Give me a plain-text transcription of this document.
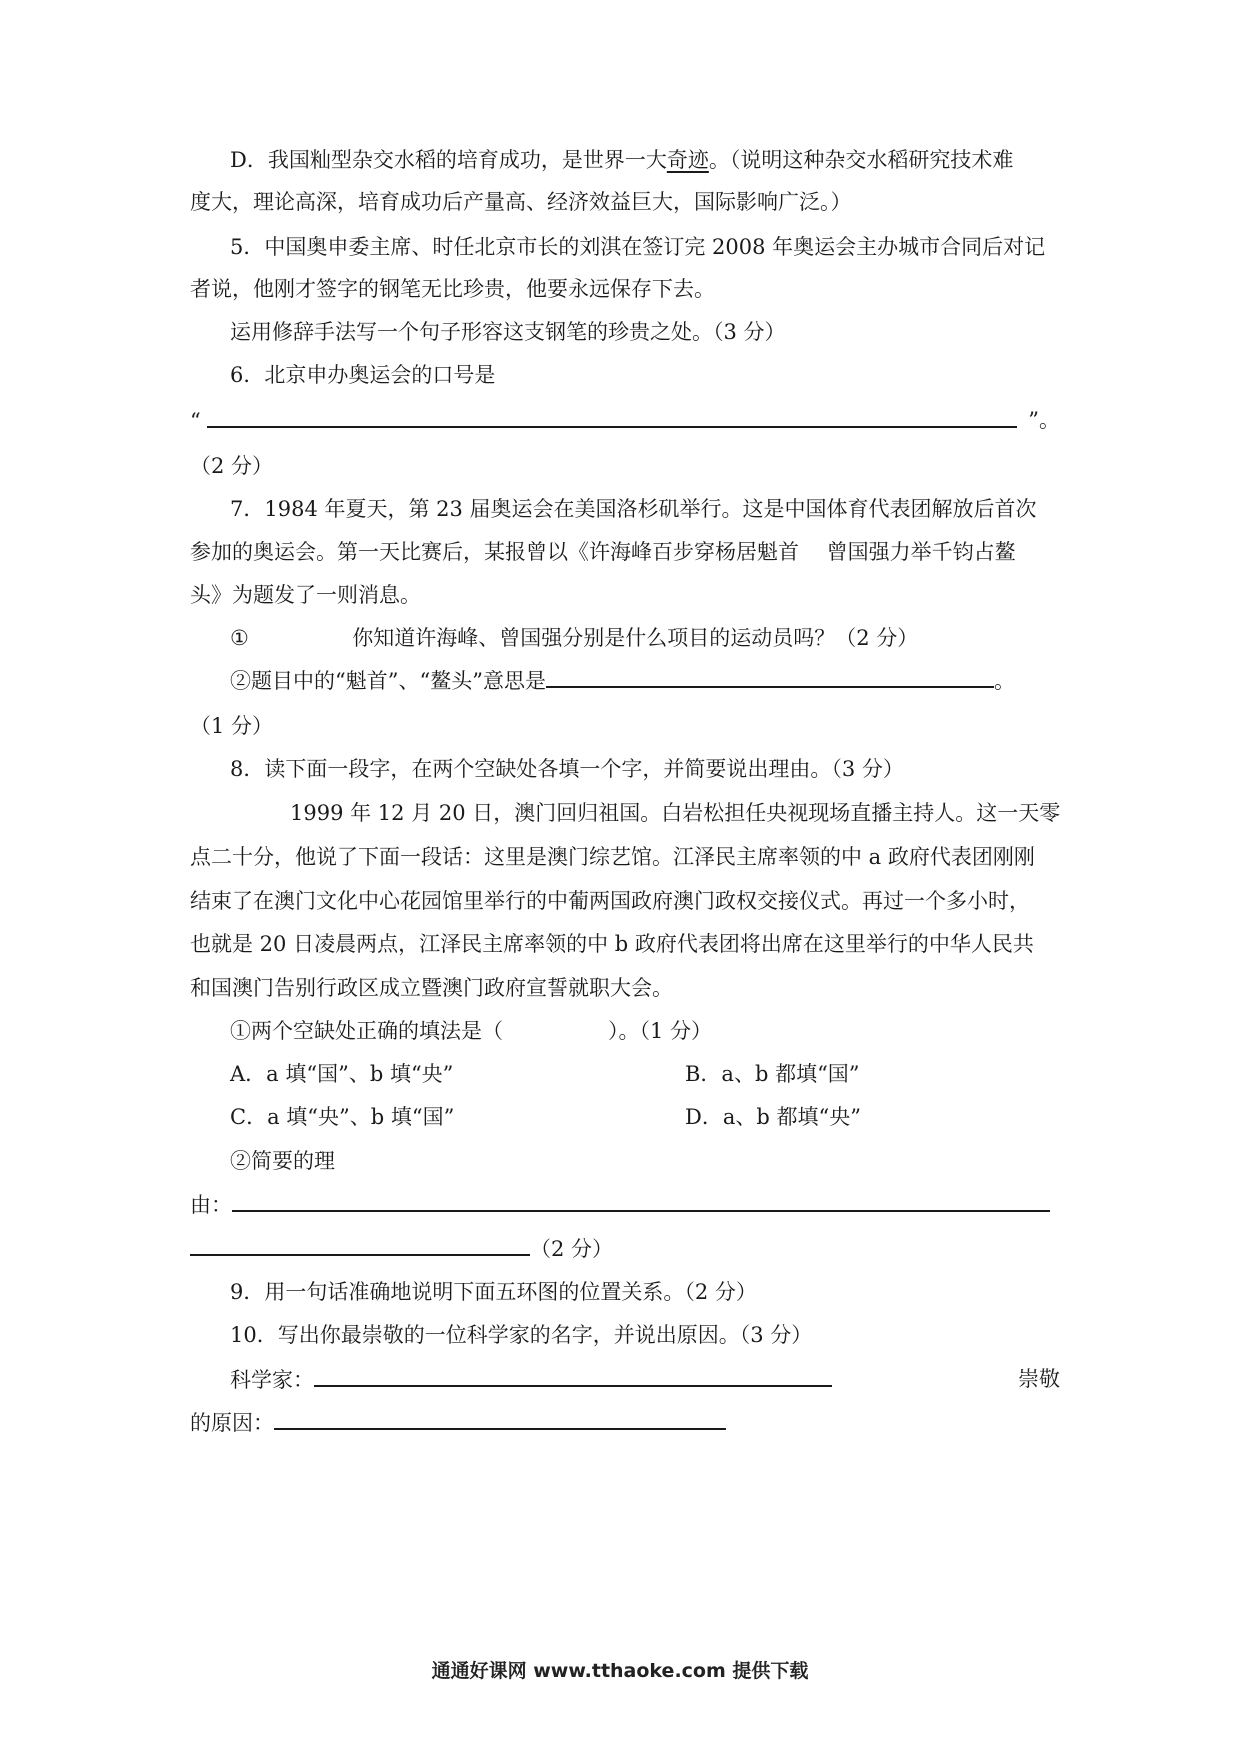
D．我国籼型杂交水稻的培育成功，是世界一大奇迹。（说明这种杂交水稻研究技术难
度大，理论高深，培育成功后产量高、经济效益巨大，国际影响广泛。）
5．中国奥申委主席、时任北京市长的刘淇在签订完 2008 年奥运会主办城市合同后对记
者说，他刚才签字的钢笔无比珍贵，他要永远保存下去。
运用修辞手法写一个句子形容这支钢笔的珍贵之处。（3 分）
6．北京申办奥运会的口号是
“	”。
（2 分）
7．1984 年夏天，第 23 届奥运会在美国洛杉矶举行。这是中国体育代表团解放后首次
参加的奥运会。第一天比赛后，某报曾以《许海峰百步穿杨居魁首　 曾国强力举千钧占鳌
头》为题发了一则消息。
①	你知道许海峰、曾国强分别是什么项目的运动员吗？（2 分）
②题目中的“魁首”、“鳌头”意思是	。
（1 分）
8．读下面一段字，在两个空缺处各填一个字，并简要说出理由。（3 分）
1999 年 12 月 20 日，澳门回归祖国。白岩松担任央视现场直播主持人。这一天零
点二十分，他说了下面一段话：这里是澳门综艺馆。江泽民主席率领的中 a 政府代表团刚刚
结束了在澳门文化中心花园馆里举行的中葡两国政府澳门政权交接仪式。再过一个多小时，
也就是 20 日凌晨两点，江泽民主席率领的中 b 政府代表团将出席在这里举行的中华人民共
和国澳门告别行政区成立暨澳门政府宣誓就职大会。
①两个空缺处正确的填法是（　　　　　）。（1 分）
A．a 填“国”、b 填“央”	B．a、b 都填“国”
C．a 填“央”、b 填“国”	D．a、b 都填“央”
②简要的理
由：
（2 分）
9．用一句话准确地说明下面五环图的位置关系。（2 分）
10．写出你最崇敬的一位科学家的名字，并说出原因。（3 分）
科学家：	崇敬
的原因：
通通好课网 www.tthaoke.com 提供下载
